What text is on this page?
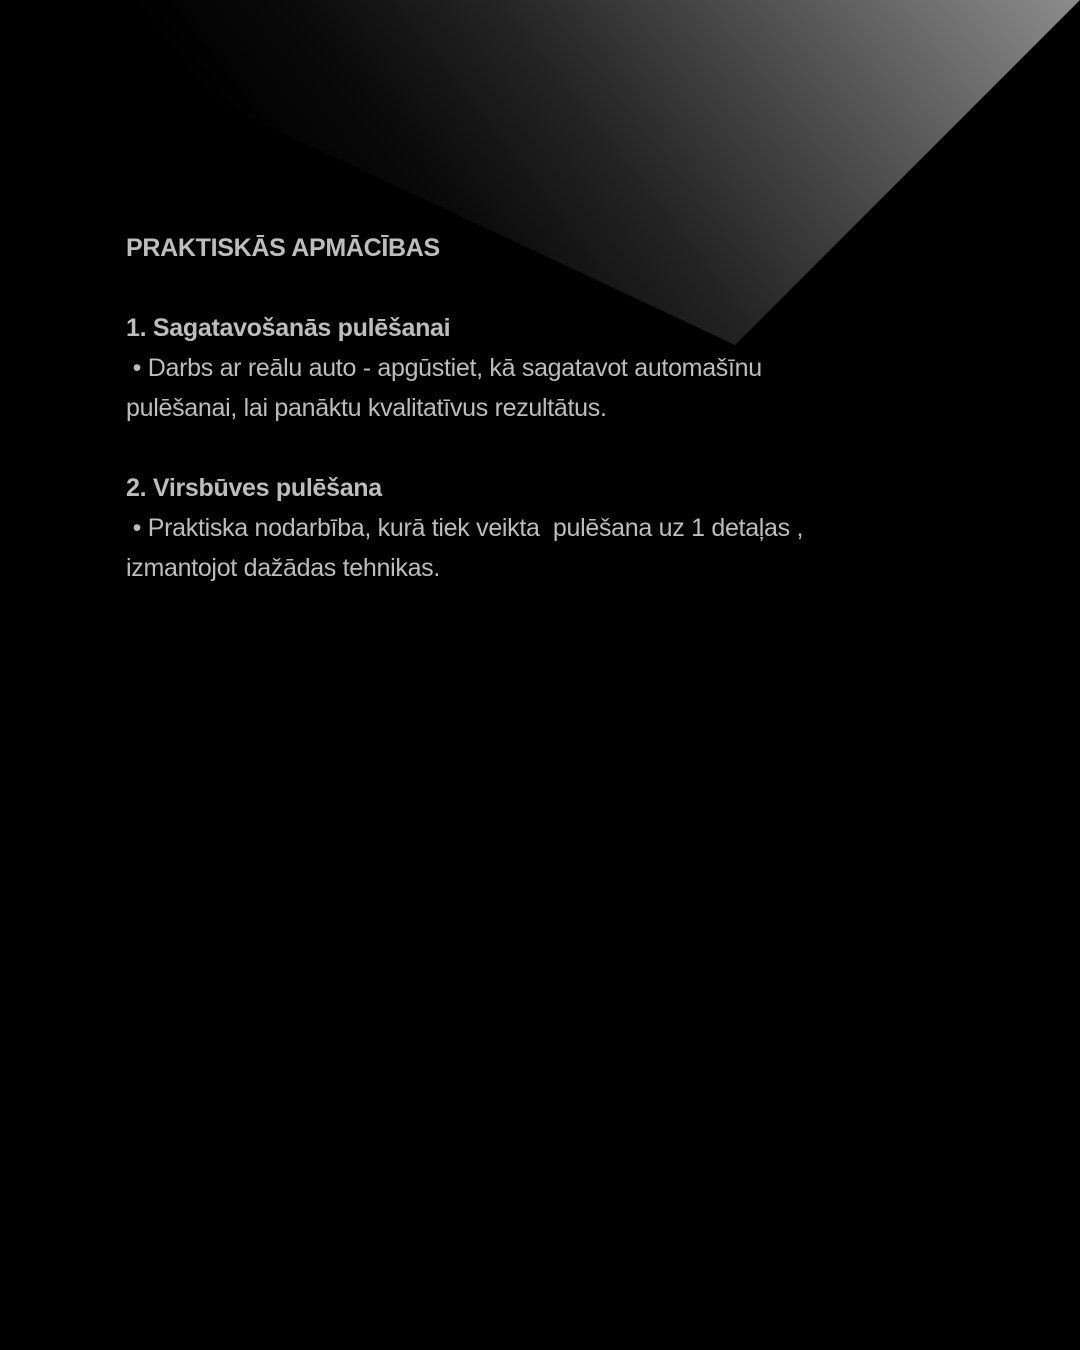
PRAKTISKĀS APMĀCĪBAS

1. Sagatavošanās pulēšanai

• Darbs ar reālu auto - apgūstiet, kā sagatavot automašīnu

pulēšanai, lai panāktu kvalitatīvus rezultātus.

2. Virsbūves pulēšana

• Praktiska nodarbība, kurā tiek veikta  pulēšana uz 1 detaļas ,

izmantojot dažādas tehnikas.
